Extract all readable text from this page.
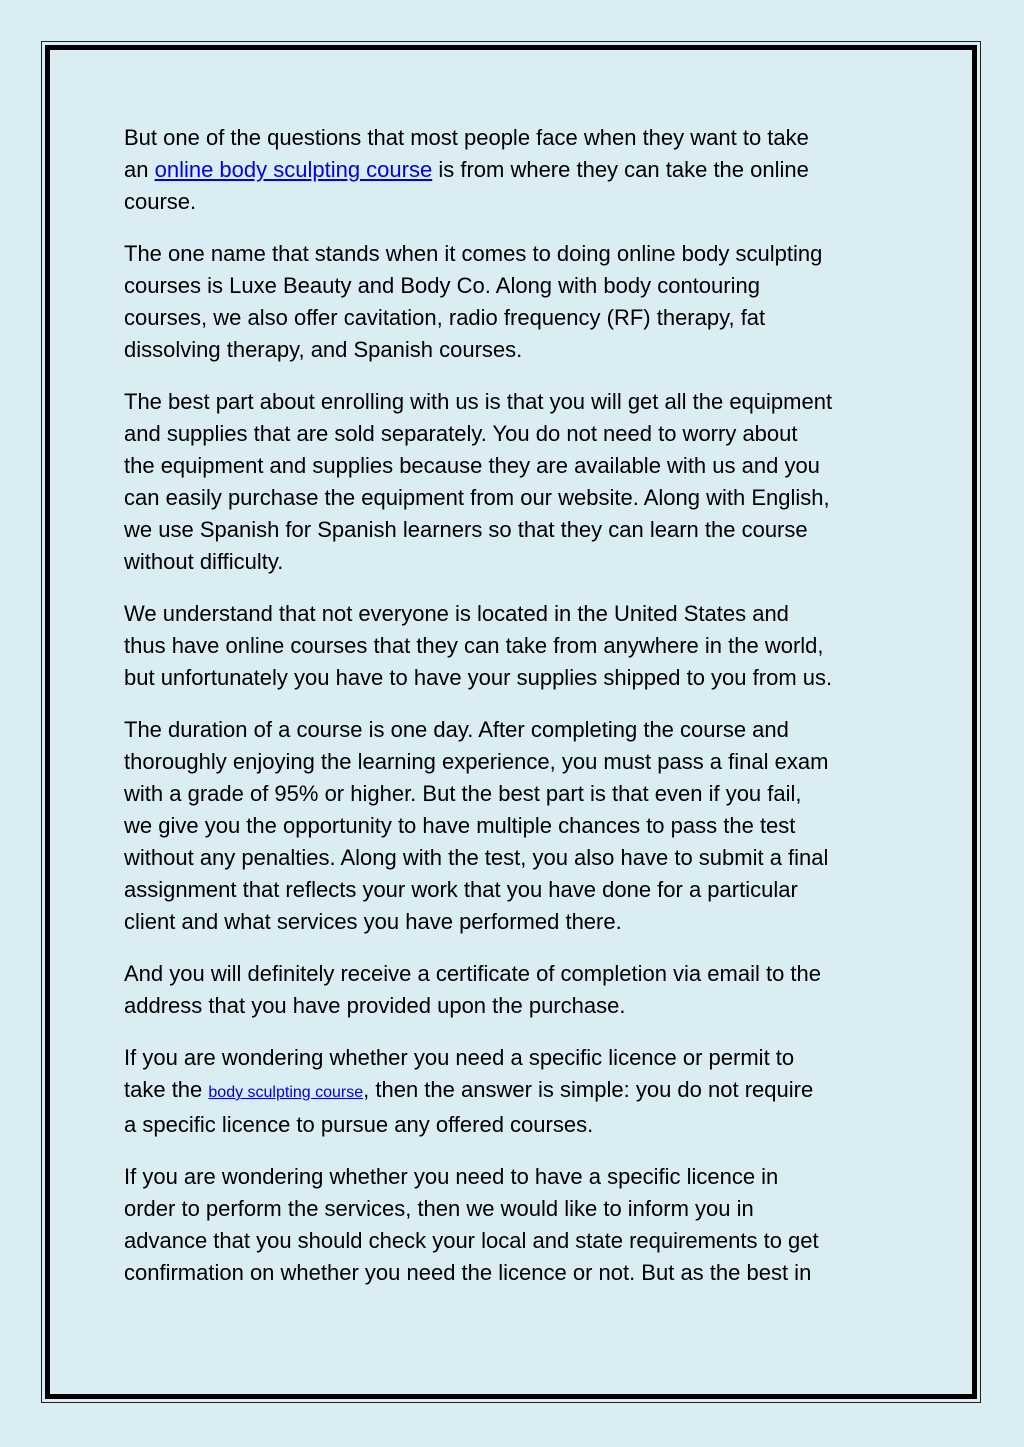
But one of the questions that most people face when they want to take
an online body sculpting course is from where they can take the online
course.

The one name that stands when it comes to doing online body sculpting
courses is Luxe Beauty and Body Co. Along with body contouring
courses, we also offer cavitation, radio frequency (RF) therapy, fat
dissolving therapy, and Spanish courses.

The best part about enrolling with us is that you will get all the equipment
and supplies that are sold separately. You do not need to worry about
the equipment and supplies because they are available with us and you
can easily purchase the equipment from our website. Along with English,
we use Spanish for Spanish learners so that they can learn the course
without difficulty.

We understand that not everyone is located in the United States and
thus have online courses that they can take from anywhere in the world,
but unfortunately you have to have your supplies shipped to you from us.

The duration of a course is one day. After completing the course and
thoroughly enjoying the learning experience, you must pass a final exam
with a grade of 95% or higher. But the best part is that even if you fail,
we give you the opportunity to have multiple chances to pass the test
without any penalties. Along with the test, you also have to submit a final
assignment that reflects your work that you have done for a particular
client and what services you have performed there.

And you will definitely receive a certificate of completion via email to the
address that you have provided upon the purchase.

If you are wondering whether you need a specific licence or permit to
take the body sculpting course, then the answer is simple: you do not require
a specific licence to pursue any offered courses.

If you are wondering whether you need to have a specific licence in
order to perform the services, then we would like to inform you in
advance that you should check your local and state requirements to get
confirmation on whether you need the licence or not. But as the best in
